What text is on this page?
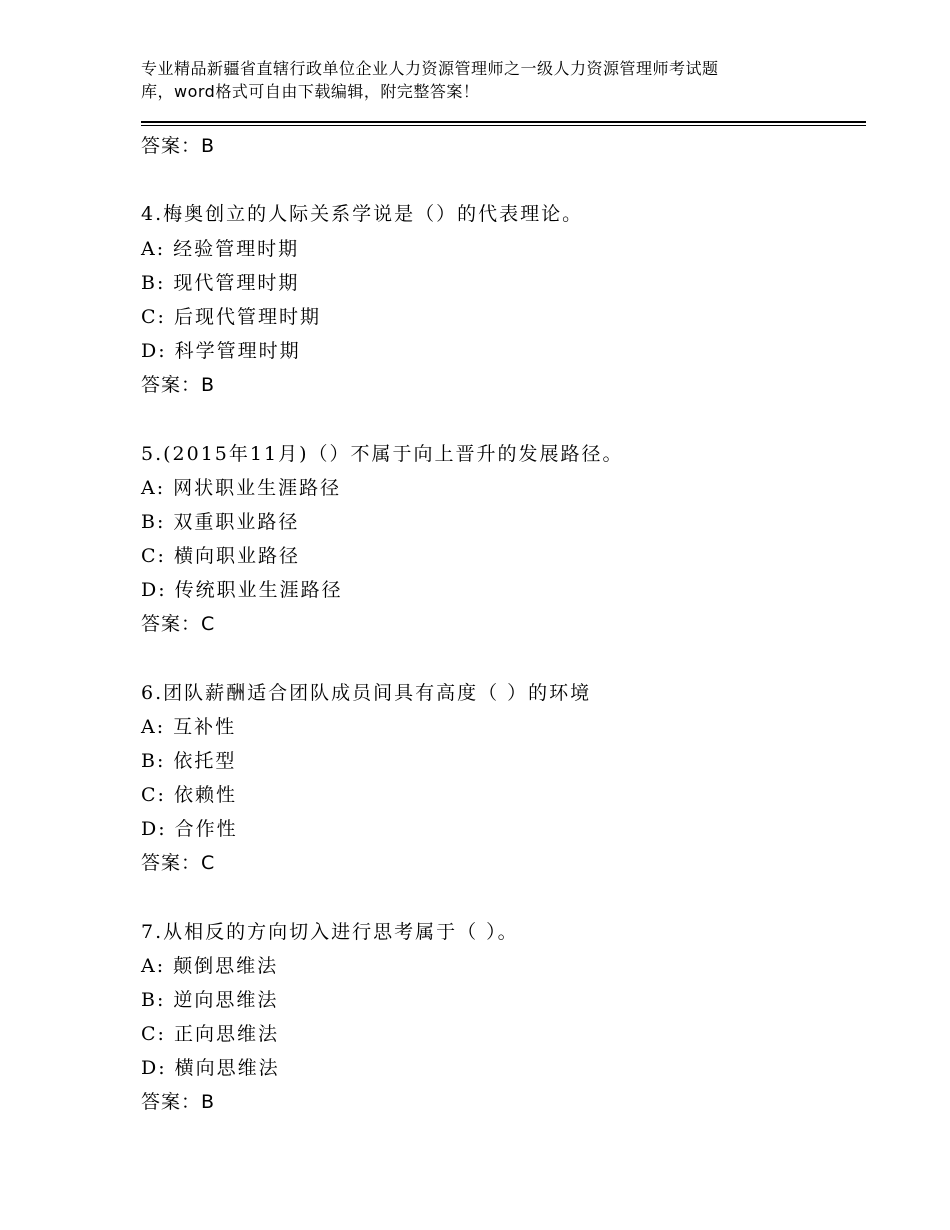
专业精品新疆省直辖行政单位企业人力资源管理师之一级人力资源管理师考试题
库，word格式可自由下载编辑，附完整答案！
答案：B
4.梅奥创立的人际关系学说是（）的代表理论。
A: 经验管理时期
B: 现代管理时期
C: 后现代管理时期
D: 科学管理时期
答案：B
5.(2015年11月)（）不属于向上晋升的发展路径。
A: 网状职业生涯路径
B: 双重职业路径
C: 横向职业路径
D: 传统职业生涯路径
答案：C
6.团队薪酬适合团队成员间具有高度（ ）的环境
A: 互补性
B: 依托型
C: 依赖性
D: 合作性
答案：C
7.从相反的方向切入进行思考属于（ ）。
A: 颠倒思维法
B: 逆向思维法
C: 正向思维法
D: 横向思维法
答案：B
